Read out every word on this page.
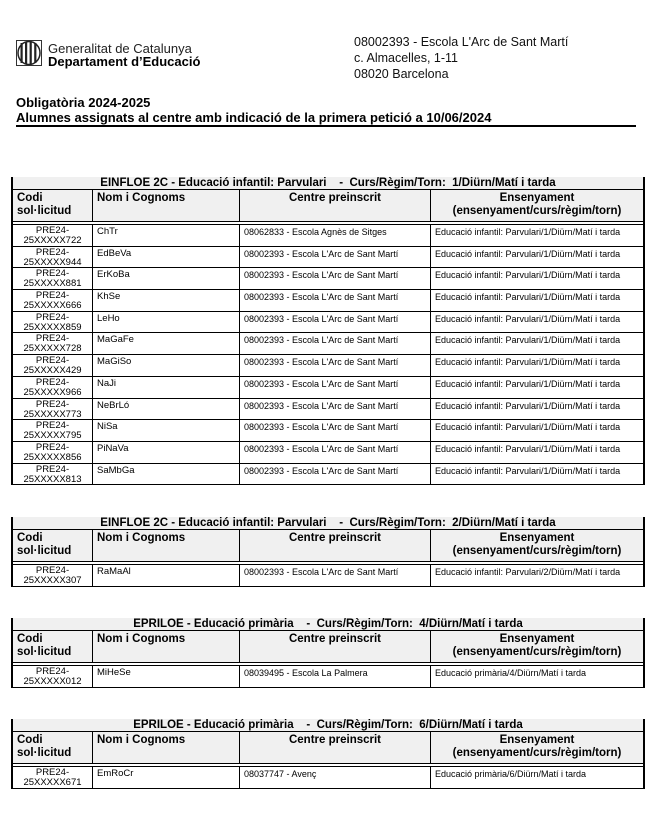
Generalitat de Catalunya
Departament d’Educació
08002393 - Escola L'Arc de Sant Martí
c. Almacelles, 1-11
08020 Barcelona
Obligatòria 2024-2025
Alumnes assignats al centre amb indicació de la primera petició a 10/06/2024
EINFLOE 2C - Educació infantil: Parvulari    -  Curs/Règim/Torn:  1/Diürn/Matí i tarda
Codi
sol·licitud
Nom i Cognoms	Centre preinscrit	Ensenyament
(ensenyament/curs/règim/torn)
PRE24-
25XXXXX722
ChTr	08062833 - Escola Agnès de Sitges	Educació infantil: Parvulari/1/Diürn/Matí i tarda
PRE24-
25XXXXX944
EdBeVa	08002393 - Escola L'Arc de Sant Martí	Educació infantil: Parvulari/1/Diürn/Matí i tarda
PRE24-
25XXXXX881
ErKoBa	08002393 - Escola L'Arc de Sant Martí	Educació infantil: Parvulari/1/Diürn/Matí i tarda
PRE24-
25XXXXX666
KhSe	08002393 - Escola L'Arc de Sant Martí	Educació infantil: Parvulari/1/Diürn/Matí i tarda
PRE24-
25XXXXX859
LeHo	08002393 - Escola L'Arc de Sant Martí	Educació infantil: Parvulari/1/Diürn/Matí i tarda
PRE24-
25XXXXX728
MaGaFe	08002393 - Escola L'Arc de Sant Martí	Educació infantil: Parvulari/1/Diürn/Matí i tarda
PRE24-
25XXXXX429
MaGiSo	08002393 - Escola L'Arc de Sant Martí	Educació infantil: Parvulari/1/Diürn/Matí i tarda
PRE24-
25XXXXX966
NaJi	08002393 - Escola L'Arc de Sant Martí	Educació infantil: Parvulari/1/Diürn/Matí i tarda
PRE24-
25XXXXX773
NeBrLó	08002393 - Escola L'Arc de Sant Martí	Educació infantil: Parvulari/1/Diürn/Matí i tarda
PRE24-
25XXXXX795
NiSa	08002393 - Escola L'Arc de Sant Martí	Educació infantil: Parvulari/1/Diürn/Matí i tarda
PRE24-
25XXXXX856
PiNaVa	08002393 - Escola L'Arc de Sant Martí	Educació infantil: Parvulari/1/Diürn/Matí i tarda
PRE24-
25XXXXX813
SaMbGa	08002393 - Escola L'Arc de Sant Martí	Educació infantil: Parvulari/1/Diürn/Matí i tarda
EINFLOE 2C - Educació infantil: Parvulari    -  Curs/Règim/Torn:  2/Diürn/Matí i tarda
Codi
sol·licitud
Nom i Cognoms	Centre preinscrit	Ensenyament
(ensenyament/curs/règim/torn)
PRE24-
25XXXXX307
RaMaAl	08002393 - Escola L'Arc de Sant Martí	Educació infantil: Parvulari/2/Diürn/Matí i tarda
EPRILOE - Educació primària    -  Curs/Règim/Torn:  4/Diürn/Matí i tarda
Codi
sol·licitud
Nom i Cognoms	Centre preinscrit	Ensenyament
(ensenyament/curs/règim/torn)
PRE24-
25XXXXX012
MiHeSe	08039495 - Escola La Palmera	Educació primària/4/Diürn/Matí i tarda
EPRILOE - Educació primària    -  Curs/Règim/Torn:  6/Diürn/Matí i tarda
Codi
sol·licitud
Nom i Cognoms	Centre preinscrit	Ensenyament
(ensenyament/curs/règim/torn)
PRE24-
25XXXXX671
EmRoCr	08037747 - Avenç	Educació primària/6/Diürn/Matí i tarda
